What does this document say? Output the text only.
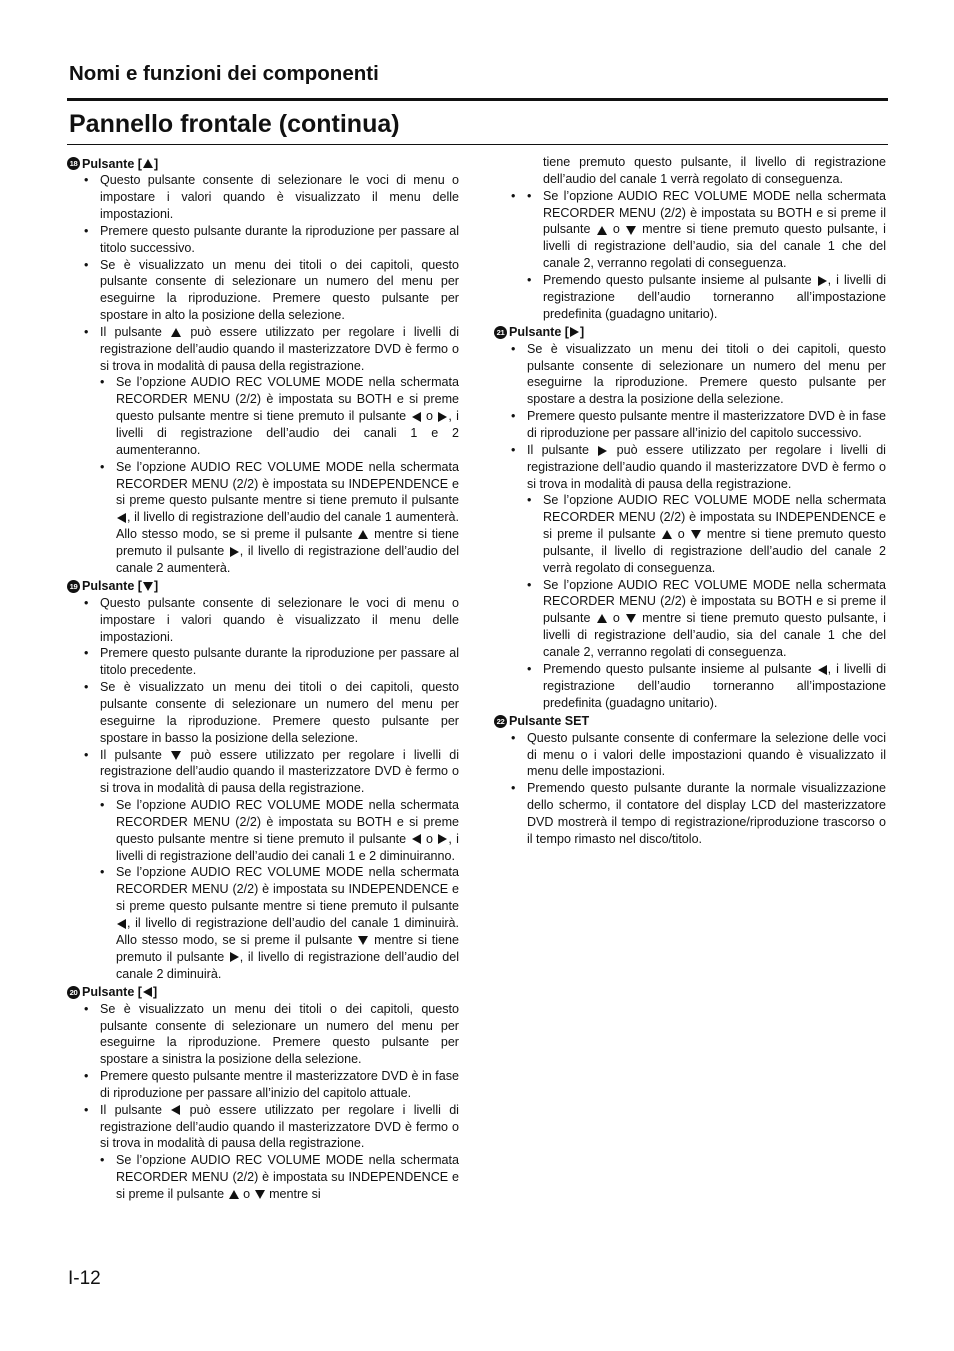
Nomi e funzioni dei componenti
Pannello frontale (continua)
18 Pulsante [ ]
• Questo pulsante consente di selezionare le voci di menu o impostare i valori quando è visualizzato il menu delle impostazioni.
• Premere questo pulsante durante la riproduzione per passare al titolo successivo.
• Se è visualizzato un menu dei titoli o dei capitoli, questo pulsante consente di selezionare un numero del menu per eseguirne la riproduzione. Premere questo pulsante per spostare in alto la posizione della selezione.
• Il pulsante può essere utilizzato per regolare i livelli di registrazione dell’audio quando il masterizzatore DVD è fermo o si trova in modalità di pausa della registrazione.
• Se l’opzione AUDIO REC VOLUME MODE nella schermata RECORDER MENU (2/2) è impostata su BOTH e si preme questo pulsante mentre si tiene premuto il pulsante o , i livelli di registrazione dell’audio dei canali 1 e 2 aumenteranno.
• Se l’opzione AUDIO REC VOLUME MODE nella schermata RECORDER MENU (2/2) è impostata su INDEPENDENCE e si preme questo pulsante mentre si tiene premuto il pulsante , il livello di registrazione dell’audio del canale 1 aumenterà. Allo stesso modo, se si preme il pulsante mentre si tiene premuto il pulsante , il livello di registrazione dell’audio del canale 2 aumenterà.
19 Pulsante [ ]
• Questo pulsante consente di selezionare le voci di menu o impostare i valori quando è visualizzato il menu delle impostazioni.
• Premere questo pulsante durante la riproduzione per passare al titolo precedente.
• Se è visualizzato un menu dei titoli o dei capitoli, questo pulsante consente di selezionare un numero del menu per eseguirne la riproduzione. Premere questo pulsante per spostare in basso la posizione della selezione.
• Il pulsante può essere utilizzato per regolare i livelli di registrazione dell’audio quando il masterizzatore DVD è fermo o si trova in modalità di pausa della registrazione.
• Se l’opzione AUDIO REC VOLUME MODE nella schermata RECORDER MENU (2/2) è impostata su BOTH e si preme questo pulsante mentre si tiene premuto il pulsante o , i livelli di registrazione dell’audio dei canali 1 e 2 diminuiranno.
• Se l’opzione AUDIO REC VOLUME MODE nella schermata RECORDER MENU (2/2) è impostata su INDEPENDENCE e si preme questo pulsante mentre si tiene premuto il pulsante , il livello di registrazione dell’audio del canale 1 diminuirà. Allo stesso modo, se si preme il pulsante mentre si tiene premuto il pulsante , il livello di registrazione dell’audio del canale 2 diminuirà.
20 Pulsante [ ]
• Se è visualizzato un menu dei titoli o dei capitoli, questo pulsante consente di selezionare un numero del menu per eseguirne la riproduzione. Premere questo pulsante per spostare a sinistra la posizione della selezione.
• Premere questo pulsante mentre il masterizzatore DVD è in fase di riproduzione per passare all’inizio del capitolo attuale.
• Il pulsante può essere utilizzato per regolare i livelli di registrazione dell’audio quando il masterizzatore DVD è fermo o si trova in modalità di pausa della registrazione.
• Se l’opzione AUDIO REC VOLUME MODE nella schermata RECORDER MENU (2/2) è impostata su INDEPENDENCE e si preme il pulsante o mentre si
tiene premuto questo pulsante, il livello di registrazione dell’audio del canale 1 verrà regolato di conseguenza.
• • Se l’opzione AUDIO REC VOLUME MODE nella schermata RECORDER MENU (2/2) è impostata su BOTH e si preme il pulsante o mentre si tiene premuto questo pulsante, i livelli di registrazione dell’audio, sia del canale 1 che del canale 2, verranno regolati di conseguenza.
• Premendo questo pulsante insieme al pulsante , i livelli di registrazione dell’audio torneranno all’impostazione predefinita (guadagno unitario).
21 Pulsante [ ]
• Se è visualizzato un menu dei titoli o dei capitoli, questo pulsante consente di selezionare un numero del menu per eseguirne la riproduzione. Premere questo pulsante per spostare a destra la posizione della selezione.
• Premere questo pulsante mentre il masterizzatore DVD è in fase di riproduzione per passare all’inizio del capitolo successivo.
• Il pulsante può essere utilizzato per regolare i livelli di registrazione dell’audio quando il masterizzatore DVD è fermo o si trova in modalità di pausa della registrazione.
• Se l’opzione AUDIO REC VOLUME MODE nella schermata RECORDER MENU (2/2) è impostata su INDEPENDENCE e si preme il pulsante o mentre si tiene premuto questo pulsante, il livello di registrazione dell’audio del canale 2 verrà regolato di conseguenza.
• Se l’opzione AUDIO REC VOLUME MODE nella schermata RECORDER MENU (2/2) è impostata su BOTH e si preme il pulsante o mentre si tiene premuto questo pulsante, i livelli di registrazione dell’audio, sia del canale 1 che del canale 2, verranno regolati di conseguenza.
• Premendo questo pulsante insieme al pulsante , i livelli di registrazione dell’audio torneranno all’impostazione predefinita (guadagno unitario).
22 Pulsante SET
• Questo pulsante consente di confermare la selezione delle voci di menu o i valori delle impostazioni quando è visualizzato il menu delle impostazioni.
• Premendo questo pulsante durante la normale visualizzazione dello schermo, il contatore del display LCD del masterizzatore DVD mostrerà il tempo di registrazione/riproduzione trascorso o il tempo rimasto nel disco/titolo.
I-12
